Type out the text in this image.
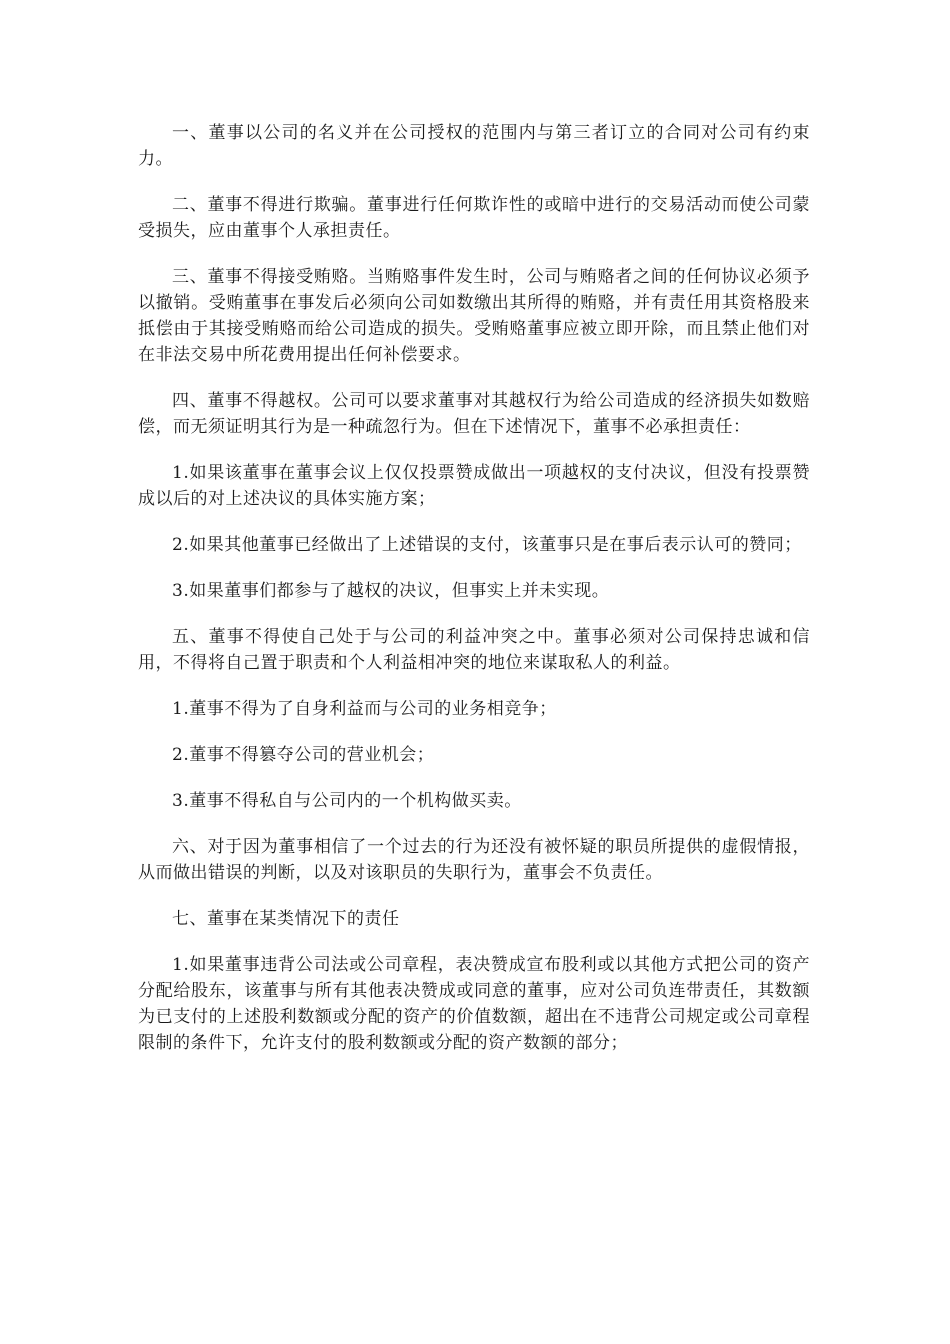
一、董事以公司的名义并在公司授权的范围内与第三者订立的合同对公司有约束力。

二、董事不得进行欺骗。董事进行任何欺诈性的或暗中进行的交易活动而使公司蒙受损失，应由董事个人承担责任。

三、董事不得接受贿赂。当贿赂事件发生时，公司与贿赂者之间的任何协议必须予以撤销。受贿董事在事发后必须向公司如数缴出其所得的贿赂，并有责任用其资格股来抵偿由于其接受贿赂而给公司造成的损失。受贿赂董事应被立即开除，而且禁止他们对在非法交易中所花费用提出任何补偿要求。

四、董事不得越权。公司可以要求董事对其越权行为给公司造成的经济损失如数赔偿，而无须证明其行为是一种疏忽行为。但在下述情况下，董事不必承担责任：

1.如果该董事在董事会议上仅仅投票赞成做出一项越权的支付决议，但没有投票赞成以后的对上述决议的具体实施方案；

2.如果其他董事已经做出了上述错误的支付，该董事只是在事后表示认可的赞同；

3.如果董事们都参与了越权的决议，但事实上并未实现。

五、董事不得使自己处于与公司的利益冲突之中。董事必须对公司保持忠诚和信用，不得将自己置于职责和个人利益相冲突的地位来谋取私人的利益。

1.董事不得为了自身利益而与公司的业务相竞争；

2.董事不得篡夺公司的营业机会；

3.董事不得私自与公司内的一个机构做买卖。

六、对于因为董事相信了一个过去的行为还没有被怀疑的职员所提供的虚假情报，从而做出错误的判断，以及对该职员的失职行为，董事会不负责任。

七、董事在某类情况下的责任

1.如果董事违背公司法或公司章程，表决赞成宣布股利或以其他方式把公司的资产分配给股东，该董事与所有其他表决赞成或同意的董事，应对公司负连带责任，其数额为已支付的上述股利数额或分配的资产的价值数额，超出在不违背公司规定或公司章程限制的条件下，允许支付的股利数额或分配的资产数额的部分；
